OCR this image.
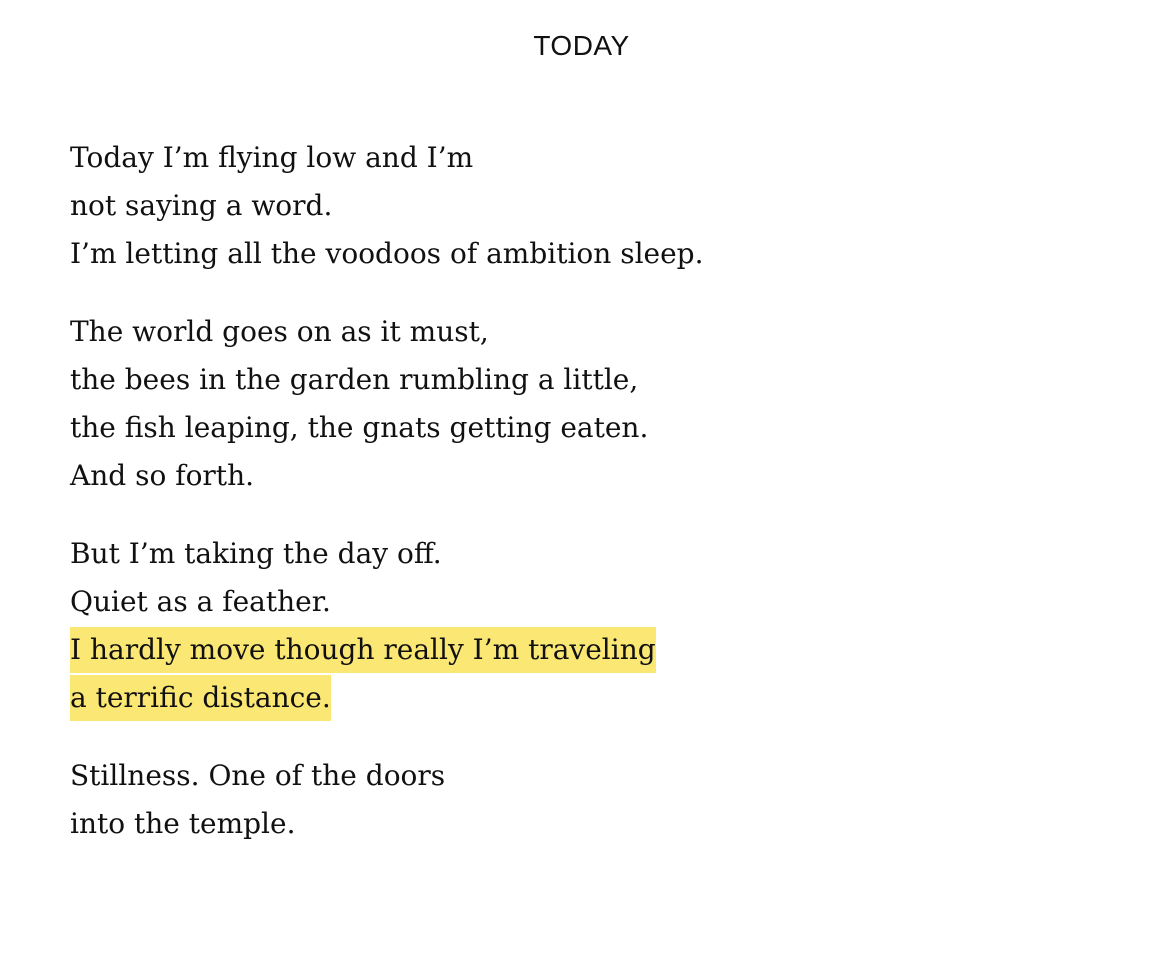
TODAY
Today I’m flying low and I’m
not saying a word.
I’m letting all the voodoos of ambition sleep.
The world goes on as it must,
the bees in the garden rumbling a little,
the fish leaping, the gnats getting eaten.
And so forth.
But I’m taking the day off.
Quiet as a feather.
I hardly move though really I’m traveling
a terrific distance.
Stillness. One of the doors
into the temple.
